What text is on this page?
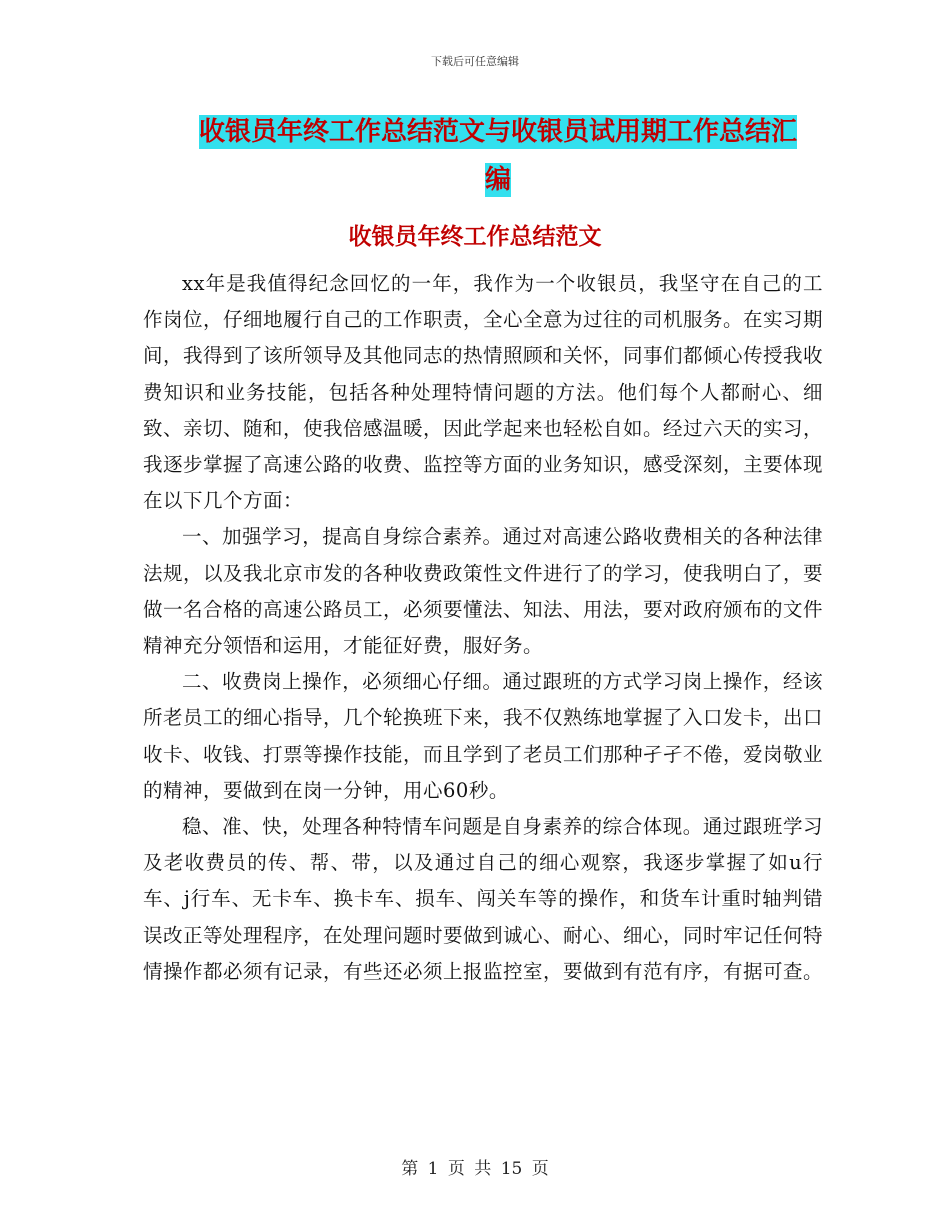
下载后可任意编辑
收银员年终工作总结范文与收银员试用期工作总结汇编
收银员年终工作总结范文

xx年是我值得纪念回忆的一年，我作为一个收银员，我坚守在自己的工作岗位，仔细地履行自己的工作职责，全心全意为过往的司机服务。在实习期间，我得到了该所领导及其他同志的热情照顾和关怀，同事们都倾心传授我收费知识和业务技能，包括各种处理特情问题的方法。他们每个人都耐心、细致、亲切、随和，使我倍感温暖，因此学起来也轻松自如。经过六天的实习，我逐步掌握了高速公路的收费、监控等方面的业务知识，感受深刻，主要体现在以下几个方面：

一、加强学习，提高自身综合素养。通过对高速公路收费相关的各种法律法规，以及我北京市发的各种收费政策性文件进行了的学习，使我明白了，要做一名合格的高速公路员工，必须要懂法、知法、用法，要对政府颁布的文件精神充分领悟和运用，才能征好费，服好务。

二、收费岗上操作，必须细心仔细。通过跟班的方式学习岗上操作，经该所老员工的细心指导，几个轮换班下来，我不仅熟练地掌握了入口发卡，出口收卡、收钱、打票等操作技能，而且学到了老员工们那种孑孑不倦，爱岗敬业的精神，要做到在岗一分钟，用心60秒。

稳、准、快，处理各种特情车问题是自身素养的综合体现。通过跟班学习及老收费员的传、帮、带，以及通过自己的细心观察，我逐步掌握了如u行车、j行车、无卡车、换卡车、损车、闯关车等的操作，和货车计重时轴判错误改正等处理程序，在处理问题时要做到诚心、耐心、细心，同时牢记任何特情操作都必须有记录，有些还必须上报监控室，要做到有范有序，有据可查。

第 1 页 共 15 页
